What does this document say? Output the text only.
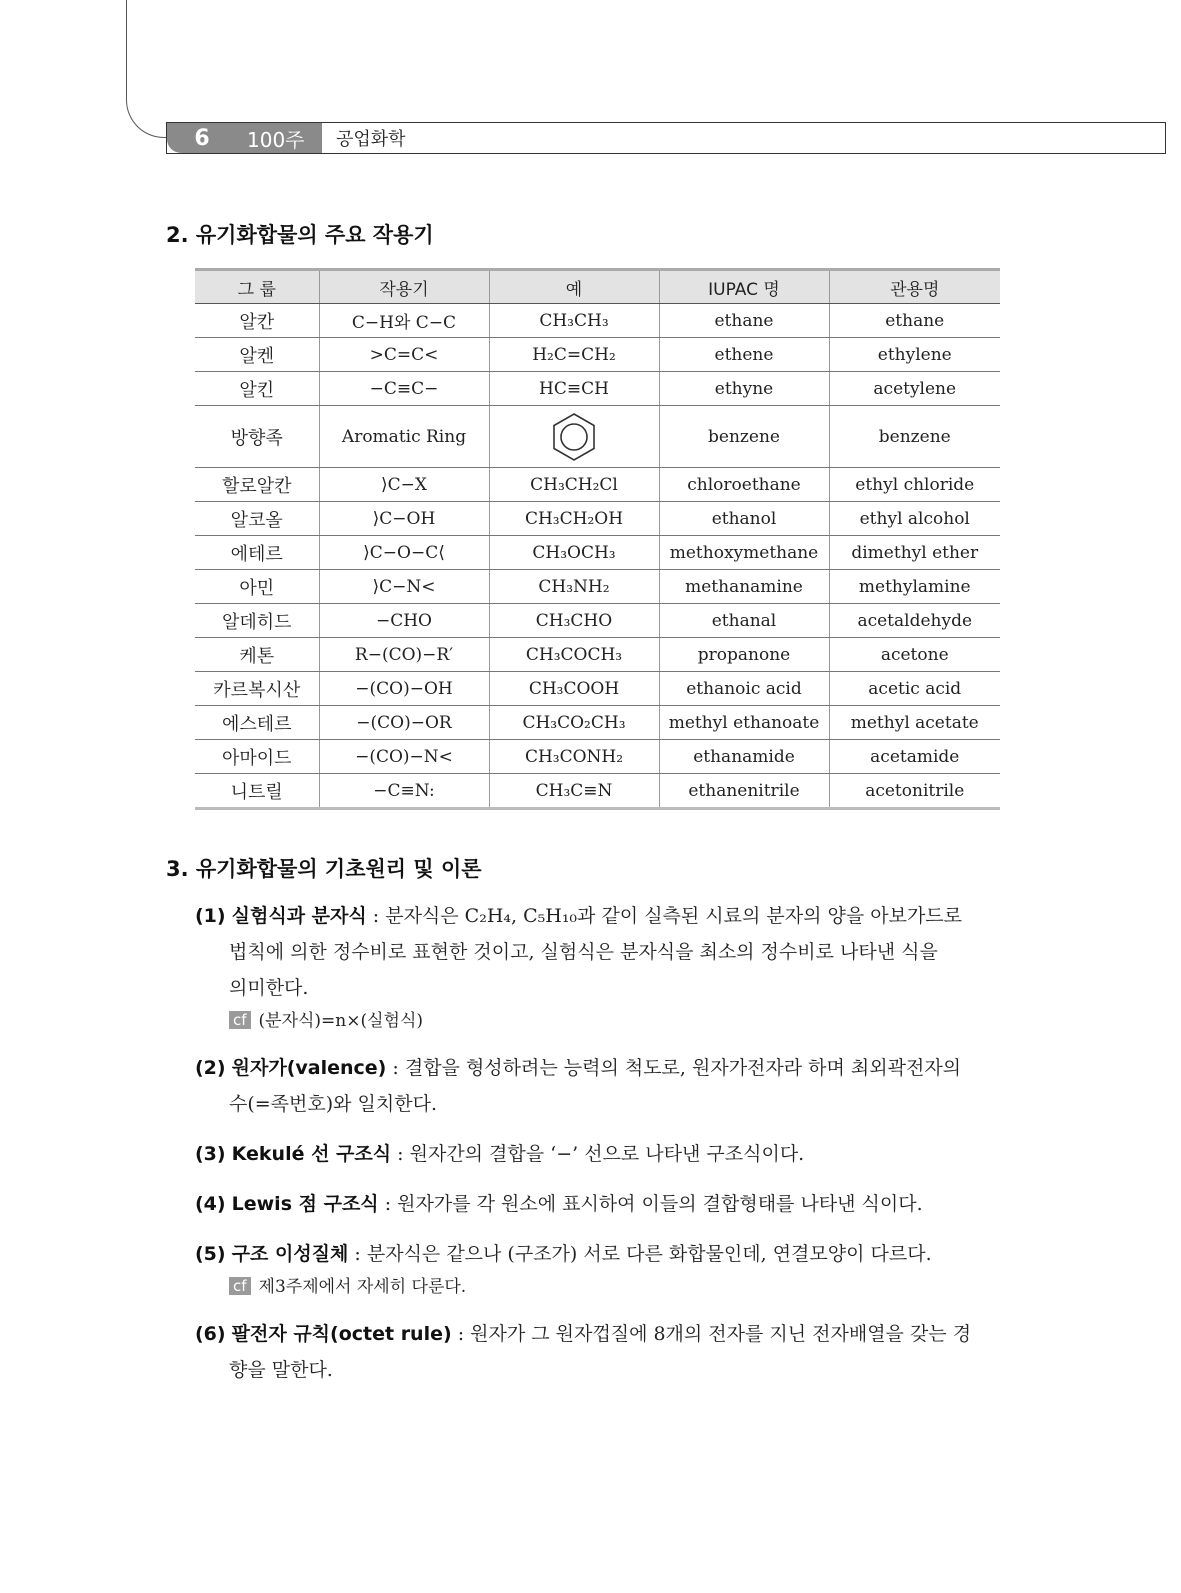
6	100주	공업화학
2. 유기화합물의 주요 작용기
그 룹	작용기	예	IUPAC 명	관용명
알칸	C−H와 C−C	CH₃CH₃	ethane	ethane
알켄	>C=C<	H₂C=CH₂	ethene	ethylene
알킨	−C≡C−	HC≡CH	ethyne	acetylene
방향족	Aromatic Ring		benzene	benzene
할로알칸	⟩C−X	CH₃CH₂Cl	chloroethane	ethyl chloride
알코올	⟩C−OH	CH₃CH₂OH	ethanol	ethyl alcohol
에테르	⟩C−O−C⟨	CH₃OCH₃	methoxymethane	dimethyl ether
아민	⟩C−N<	CH₃NH₂	methanamine	methylamine
알데히드	−CHO	CH₃CHO	ethanal	acetaldehyde
케톤	R−(CO)−R′	CH₃COCH₃	propanone	acetone
카르복시산	−(CO)−OH	CH₃COOH	ethanoic acid	acetic acid
에스테르	−(CO)−OR	CH₃CO₂CH₃	methyl ethanoate	methyl acetate
아마이드	−(CO)−N<	CH₃CONH₂	ethanamide	acetamide
니트릴	−C≡N:	CH₃C≡N	ethanenitrile	acetonitrile
3. 유기화합물의 기초원리 및 이론
(1) 실험식과 분자식 : 분자식은 C₂H₄, C₅H₁₀과 같이 실측된 시료의 분자의 양을 아보가드로
법칙에 의한 정수비로 표현한 것이고, 실험식은 분자식을 최소의 정수비로 나타낸 식을
의미한다.
cf (분자식)=n×(실험식)
(2) 원자가(valence) : 결합을 형성하려는 능력의 척도로, 원자가전자라 하며 최외곽전자의
수(=족번호)와 일치한다.
(3) Kekulé 선 구조식 : 원자간의 결합을 ‘−’ 선으로 나타낸 구조식이다.
(4) Lewis 점 구조식 : 원자가를 각 원소에 표시하여 이들의 결합형태를 나타낸 식이다.
(5) 구조 이성질체 : 분자식은 같으나 (구조가) 서로 다른 화합물인데, 연결모양이 다르다.
cf 제3주제에서 자세히 다룬다.
(6) 팔전자 규칙(octet rule) : 원자가 그 원자껍질에 8개의 전자를 지닌 전자배열을 갖는 경
향을 말한다.
